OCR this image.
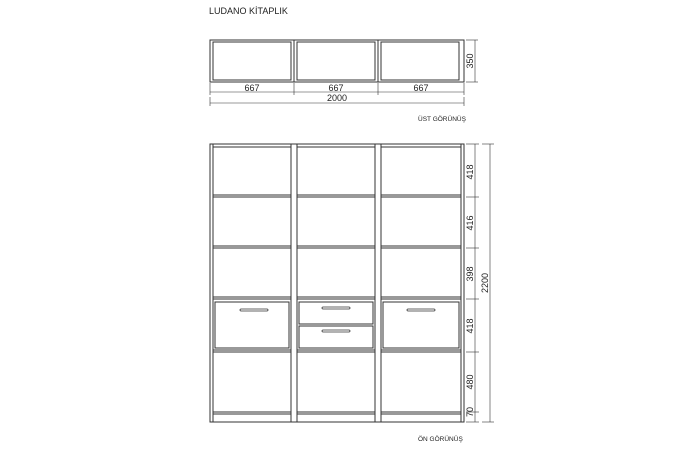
LUDANO KİTAPLIK
667	667	667
2000
350
ÜST GÖRÜNÜŞ
418
416
398
418
480
70
2200
ÖN GÖRÜNÜŞ
